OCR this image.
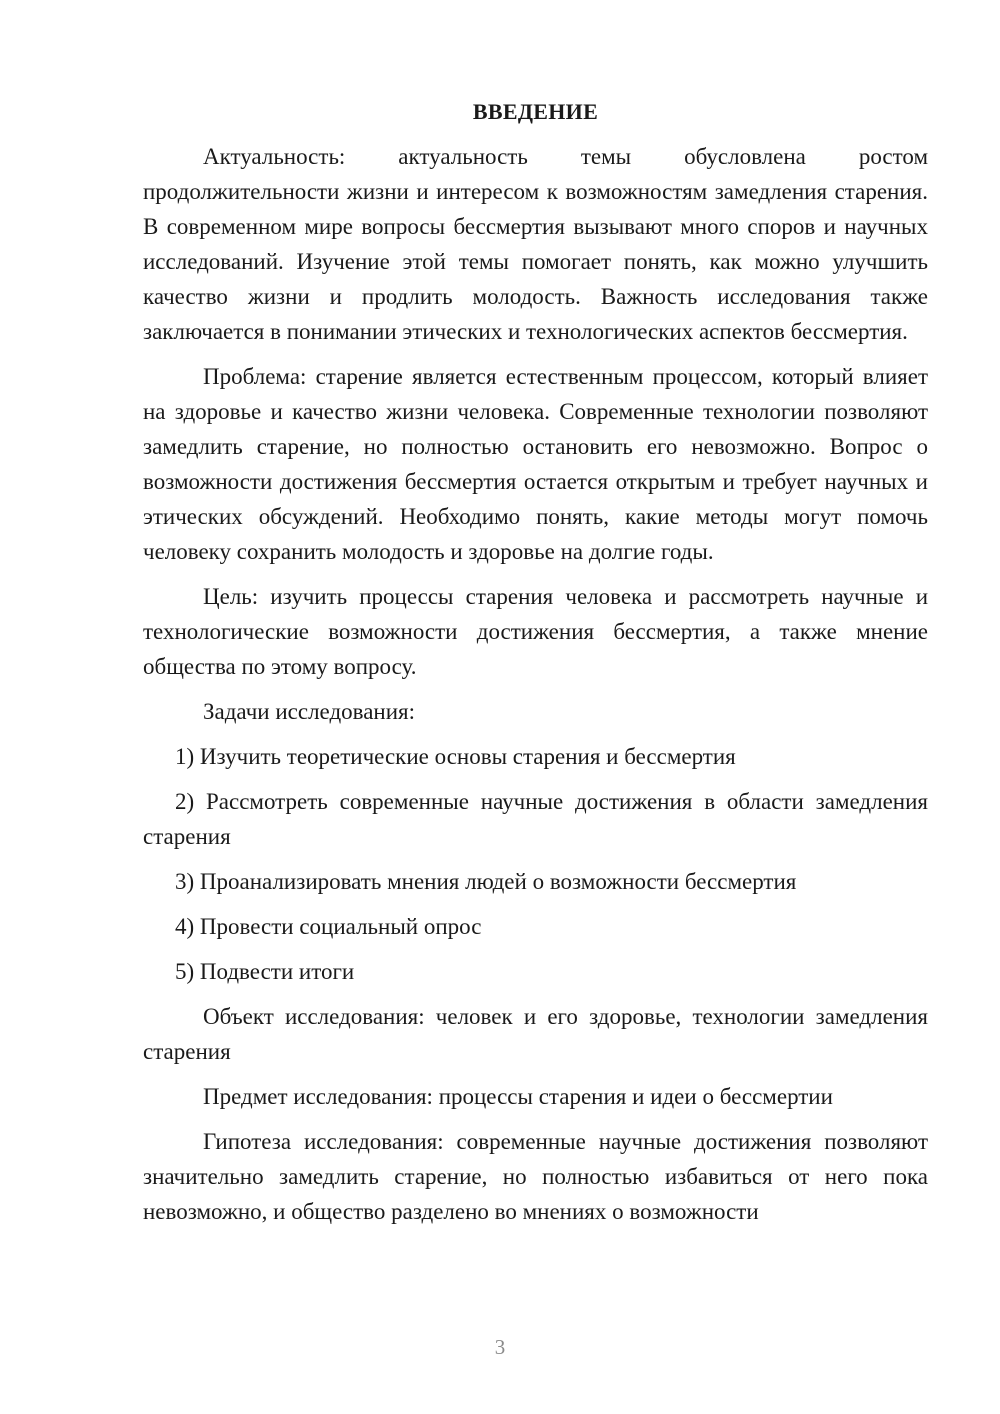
ВВЕДЕНИЕ

Актуальность: актуальность темы обусловлена ростом продолжительности жизни и интересом к возможностям замедления старения. В современном мире вопросы бессмертия вызывают много споров и научных исследований. Изучение этой темы помогает понять, как можно улучшить качество жизни и продлить молодость. Важность исследования также заключается в понимании этических и технологических аспектов бессмертия.

Проблема: старение является естественным процессом, который влияет на здоровье и качество жизни человека. Современные технологии позволяют замедлить старение, но полностью остановить его невозможно. Вопрос о возможности достижения бессмертия остается открытым и требует научных и этических обсуждений. Необходимо понять, какие методы могут помочь человеку сохранить молодость и здоровье на долгие годы.

Цель: изучить процессы старения человека и рассмотреть научные и технологические возможности достижения бессмертия, а также мнение общества по этому вопросу.

Задачи исследования:

1) Изучить теоретические основы старения и бессмертия

2) Рассмотреть современные научные достижения в области замедления старения

3) Проанализировать мнения людей о возможности бессмертия

4) Провести социальный опрос

5) Подвести итоги

Объект исследования: человек и его здоровье, технологии замедления старения

Предмет исследования: процессы старения и идеи о бессмертии

Гипотеза исследования: современные научные достижения позволяют значительно замедлить старение, но полностью избавиться от него пока невозможно, и общество разделено во мнениях о возможности

3
